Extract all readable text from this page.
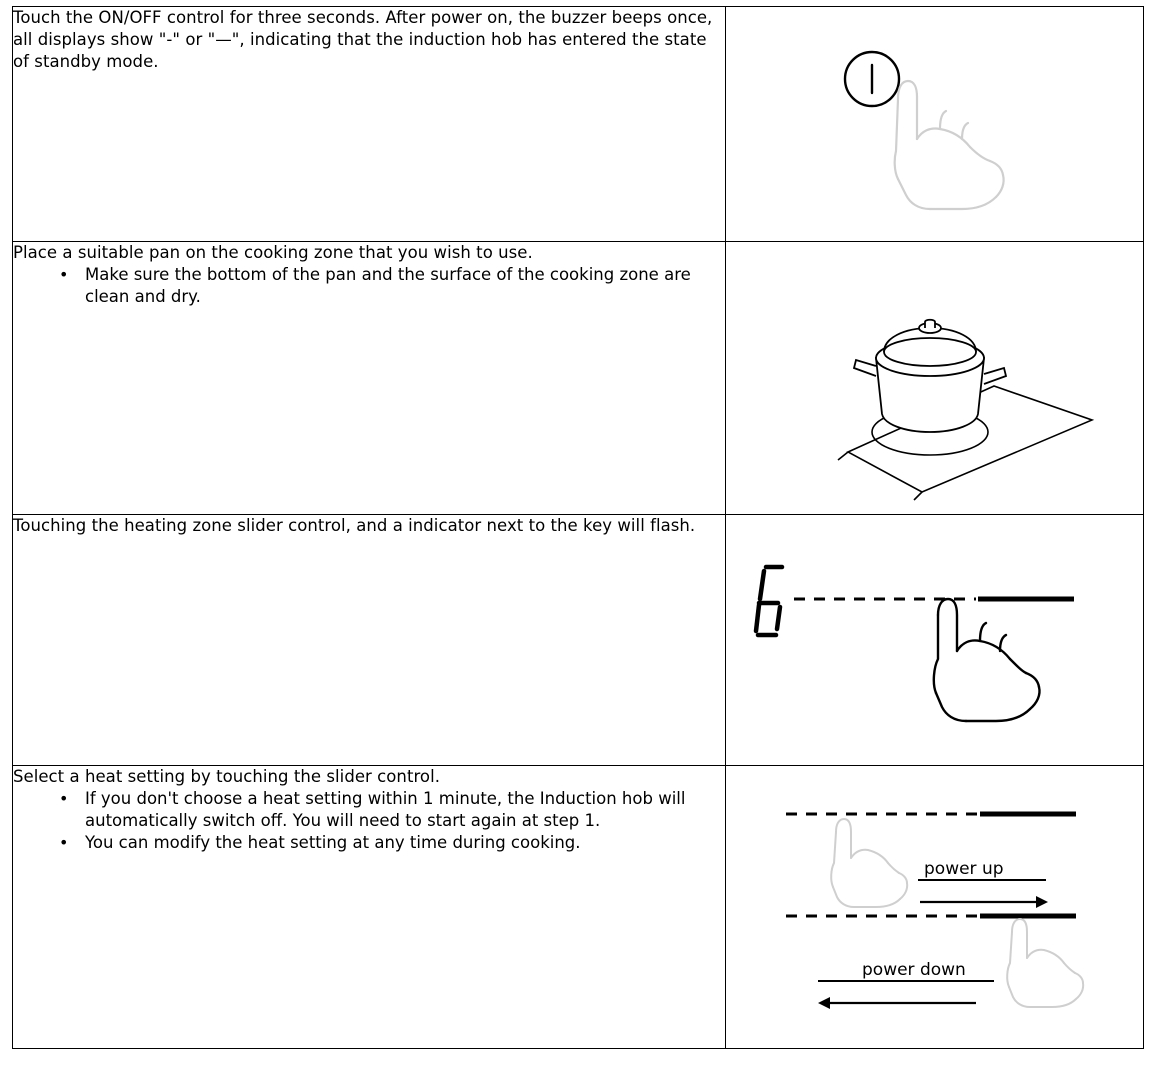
Touch the ON/OFF control for three seconds. After power on, the buzzer beeps once, all displays show "-" or "—", indicating that the induction hob has entered the state of standby mode.

Place a suitable pan on the cooking zone that you wish to use.

• Make sure the bottom of the pan and the surface of the cooking zone are clean and dry.

Touching the heating zone slider control, and a indicator next to the key will flash.

Select a heat setting by touching the slider control.

• If you don't choose a heat setting within 1 minute, the Induction hob will automatically switch off. You will need to start again at step 1.
• You can modify the heat setting at any time during cooking.

power up
power down
